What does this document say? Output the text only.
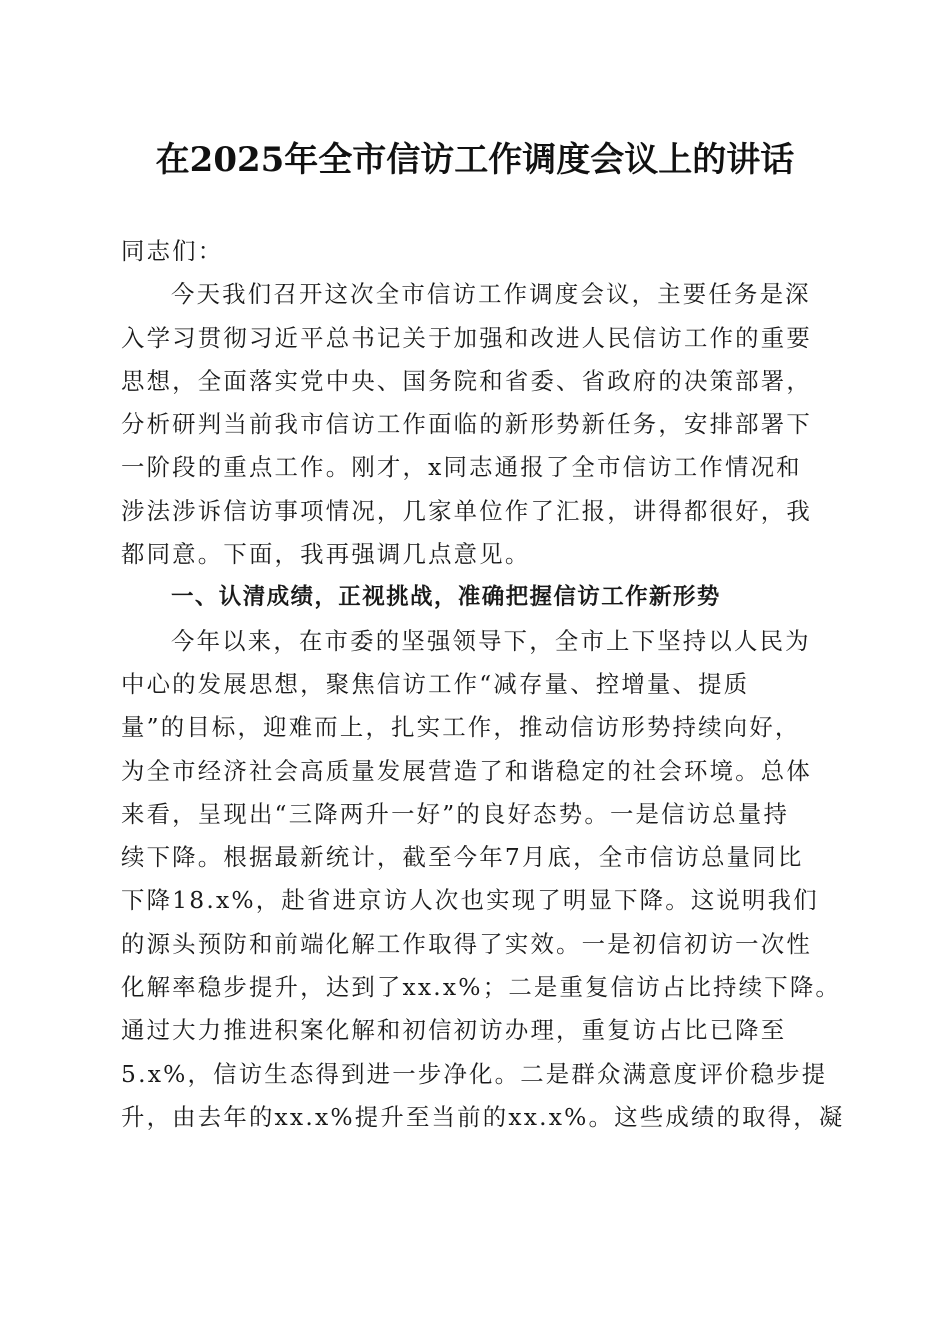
在2025年全市信访工作调度会议上的讲话
同志们：
今天我们召开这次全市信访工作调度会议，主要任务是深
入学习贯彻习近平总书记关于加强和改进人民信访工作的重要
思想，全面落实党中央、国务院和省委、省政府的决策部署，
分析研判当前我市信访工作面临的新形势新任务，安排部署下
一阶段的重点工作。刚才，x同志通报了全市信访工作情况和
涉法涉诉信访事项情况，几家单位作了汇报，讲得都很好，我
都同意。下面，我再强调几点意见。
一、认清成绩，正视挑战，准确把握信访工作新形势
今年以来，在市委的坚强领导下，全市上下坚持以人民为
中心的发展思想，聚焦信访工作“减存量、控增量、提质
量”的目标，迎难而上，扎实工作，推动信访形势持续向好，
为全市经济社会高质量发展营造了和谐稳定的社会环境。总体
来看，呈现出“三降两升一好”的良好态势。一是信访总量持
续下降。根据最新统计，截至今年7月底，全市信访总量同比
下降18.x%，赴省进京访人次也实现了明显下降。这说明我们
的源头预防和前端化解工作取得了实效。一是初信初访一次性
化解率稳步提升，达到了xx.x%；二是重复信访占比持续下降。
通过大力推进积案化解和初信初访办理，重复访占比已降至
5.x%，信访生态得到进一步净化。二是群众满意度评价稳步提
升，由去年的xx.x%提升至当前的xx.x%。这些成绩的取得，凝
